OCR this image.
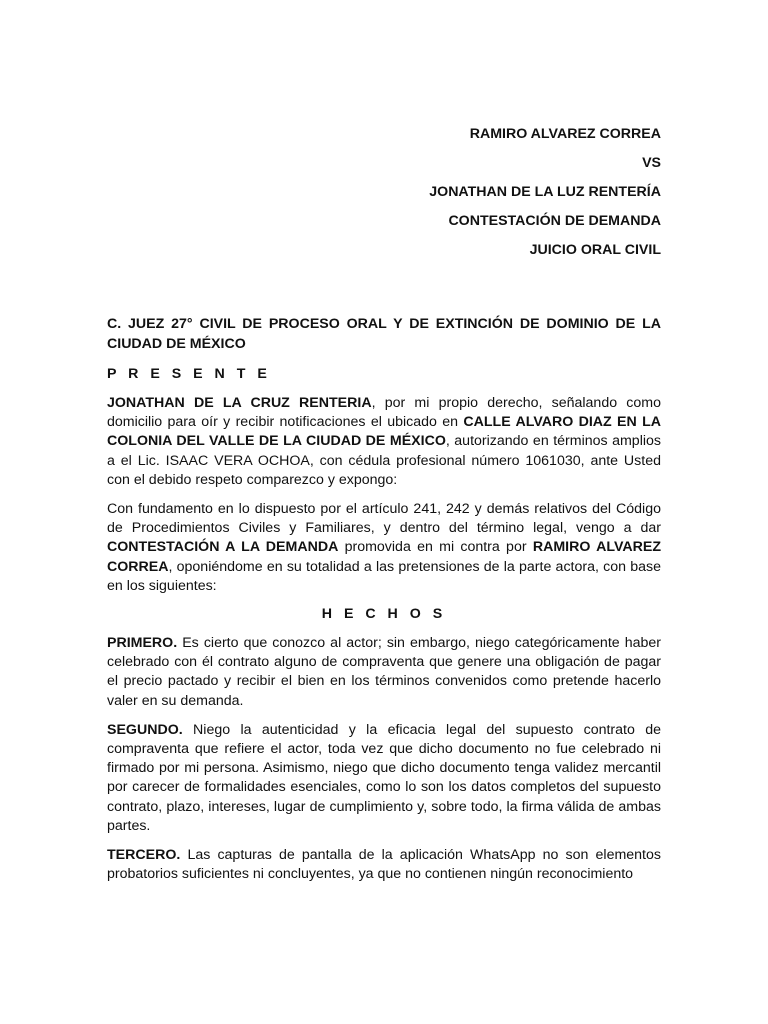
RAMIRO ALVAREZ CORREA
VS
JONATHAN DE LA LUZ RENTERÍA
CONTESTACIÓN DE DEMANDA
JUICIO ORAL CIVIL
C. JUEZ 27° CIVIL DE PROCESO ORAL Y DE EXTINCIÓN DE DOMINIO DE LA CIUDAD DE MÉXICO
P R E S E N T E

JONATHAN DE LA CRUZ RENTERIA, por mi propio derecho, señalando como domicilio para oír y recibir notificaciones el ubicado en CALLE ALVARO DIAZ EN LA COLONIA DEL VALLE DE LA CIUDAD DE MÉXICO, autorizando en términos amplios a el Lic. ISAAC VERA OCHOA, con cédula profesional número 1061030, ante Usted con el debido respeto comparezco y expongo:

Con fundamento en lo dispuesto por el artículo 241, 242 y demás relativos del Código de Procedimientos Civiles y Familiares, y dentro del término legal, vengo a dar CONTESTACIÓN A LA DEMANDA promovida en mi contra por RAMIRO ALVAREZ CORREA, oponiéndome en su totalidad a las pretensiones de la parte actora, con base en los siguientes:

H E C H O S

PRIMERO. Es cierto que conozco al actor; sin embargo, niego categóricamente haber celebrado con él contrato alguno de compraventa que genere una obligación de pagar el precio pactado y recibir el bien en los términos convenidos como pretende hacerlo valer en su demanda.

SEGUNDO. Niego la autenticidad y la eficacia legal del supuesto contrato de compraventa que refiere el actor, toda vez que dicho documento no fue celebrado ni firmado por mi persona. Asimismo, niego que dicho documento tenga validez mercantil por carecer de formalidades esenciales, como lo son los datos completos del supuesto contrato, plazo, intereses, lugar de cumplimiento y, sobre todo, la firma válida de ambas partes.

TERCERO. Las capturas de pantalla de la aplicación WhatsApp no son elementos probatorios suficientes ni concluyentes, ya que no contienen ningún reconocimiento
